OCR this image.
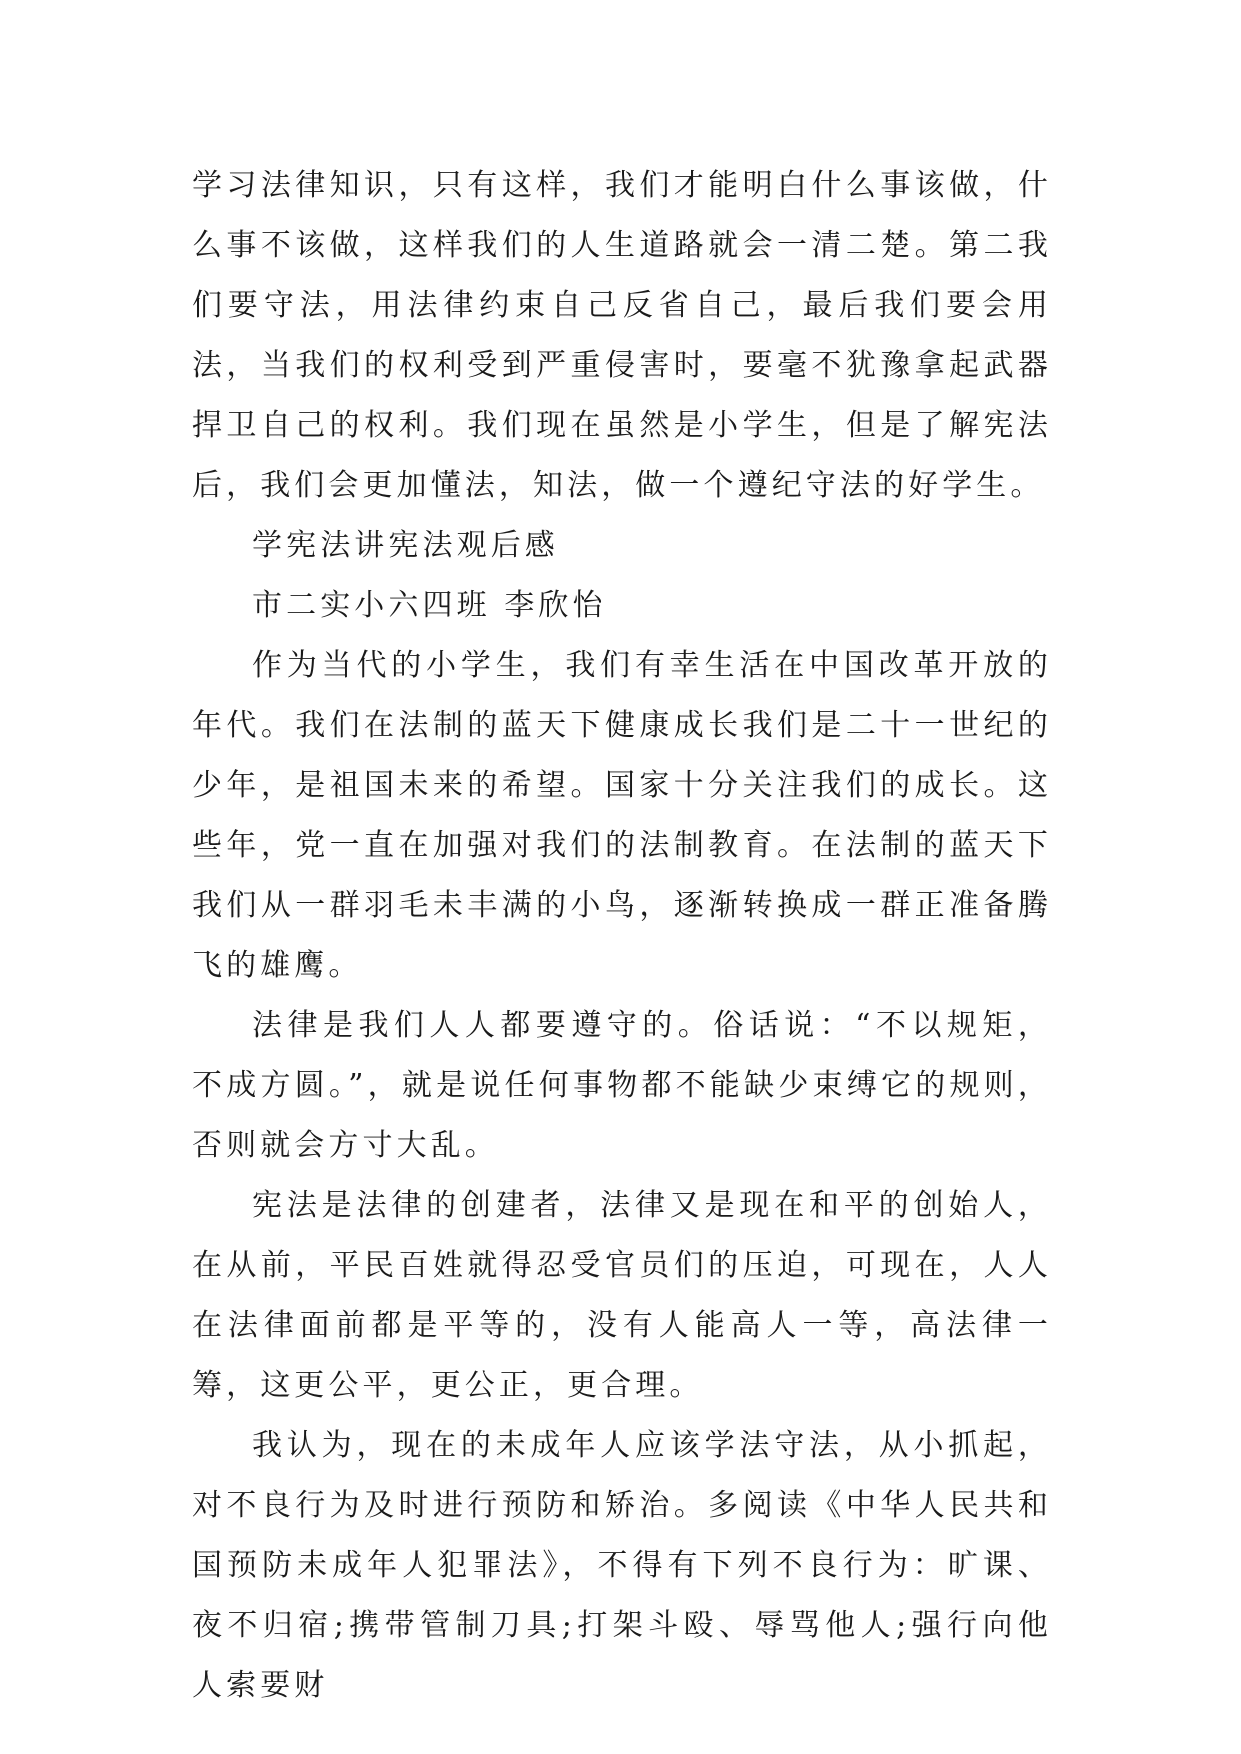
学习法律知识，只有这样，我们才能明白什么事该做，什么事不该做，这样我们的人生道路就会一清二楚。第二我们要守法，用法律约束自己反省自己，最后我们要会用法，当我们的权利受到严重侵害时，要毫不犹豫拿起武器捍卫自己的权利。我们现在虽然是小学生，但是了解宪法后，我们会更加懂法，知法，做一个遵纪守法的好学生。

学宪法讲宪法观后感

市二实小六四班 李欣怡

作为当代的小学生，我们有幸生活在中国改革开放的年代。我们在法制的蓝天下健康成长我们是二十一世纪的少年，是祖国未来的希望。国家十分关注我们的成长。这些年，党一直在加强对我们的法制教育。在法制的蓝天下我们从一群羽毛未丰满的小鸟，逐渐转换成一群正准备腾飞的雄鹰。

法律是我们人人都要遵守的。俗话说：“不以规矩，不成方圆。”，就是说任何事物都不能缺少束缚它的规则，否则就会方寸大乱。

宪法是法律的创建者，法律又是现在和平的创始人，在从前，平民百姓就得忍受官员们的压迫，可现在，人人在法律面前都是平等的，没有人能高人一等，高法律一筹，这更公平，更公正，更合理。

我认为，现在的未成年人应该学法守法，从小抓起，对不良行为及时进行预防和矫治。多阅读《中华人民共和国预防未成年人犯罪法》，不得有下列不良行为：旷课、夜不归宿;携带管制刀具;打架斗殴、辱骂他人;强行向他人索要财
